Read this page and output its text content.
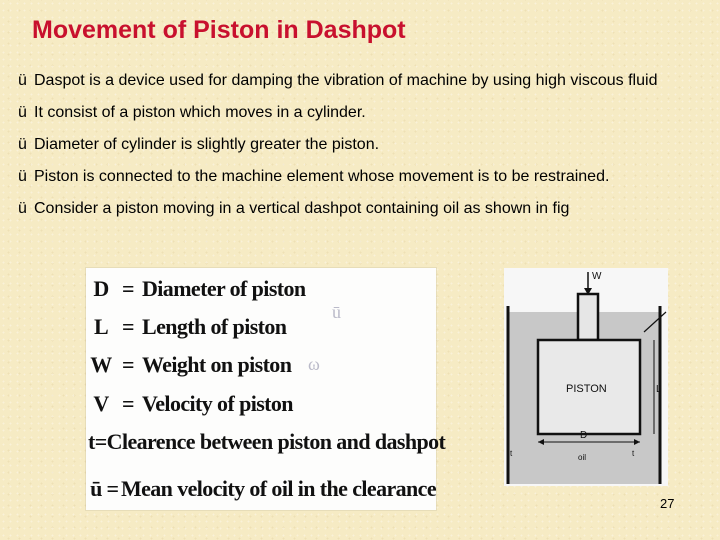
Movement of Piston in Dashpot
ü Daspot is a device used for damping the vibration of machine by using high viscous fluid
ü It consist of a piston which moves in a cylinder.
ü Diameter of cylinder is slightly greater the piston.
ü Piston is connected to the machine element whose movement is to be restrained.
ü Consider a piston moving in a vertical dashpot containing oil as shown in fig
ū
ω
D = Diameter of piston
L = Length of piston
W = Weight on piston
V = Velocity of piston
t = Clearence between piston and dashpot
ū = Mean velocity of oil in the clearance
W
PISTON	L
D
t	t
oil
27
